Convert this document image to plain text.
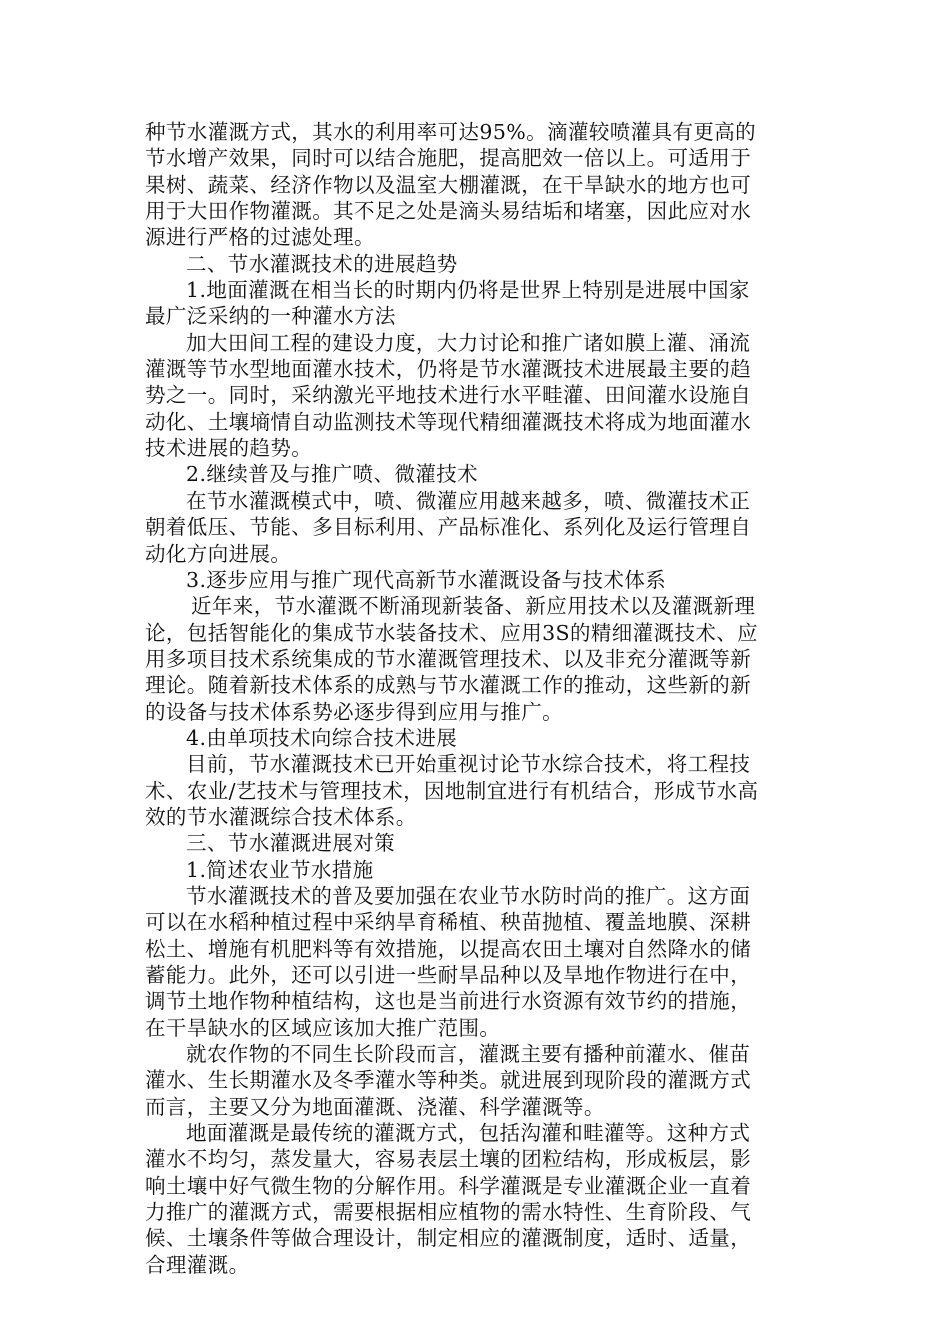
种节水灌溉方式，其水的利用率可达95%。滴灌较喷灌具有更高的
节水增产效果，同时可以结合施肥，提高肥效一倍以上。可适用于
果树、蔬菜、经济作物以及温室大棚灌溉，在干旱缺水的地方也可
用于大田作物灌溉。其不足之处是滴头易结垢和堵塞，因此应对水
源进行严格的过滤处理。
二、节水灌溉技术的进展趋势
1.地面灌溉在相当长的时期内仍将是世界上特别是进展中国家
最广泛采纳的一种灌水方法
加大田间工程的建设力度，大力讨论和推广诸如膜上灌、涌流
灌溉等节水型地面灌水技术，仍将是节水灌溉技术进展最主要的趋
势之一。同时，采纳激光平地技术进行水平畦灌、田间灌水设施自
动化、土壤墒情自动监测技术等现代精细灌溉技术将成为地面灌水
技术进展的趋势。
2.继续普及与推广喷、微灌技术
在节水灌溉模式中，喷、微灌应用越来越多，喷、微灌技术正
朝着低压、节能、多目标利用、产品标准化、系列化及运行管理自
动化方向进展。
3.逐步应用与推广现代高新节水灌溉设备与技术体系
近年来，节水灌溉不断涌现新装备、新应用技术以及灌溉新理
论，包括智能化的集成节水装备技术、应用3S的精细灌溉技术、应
用多项目技术系统集成的节水灌溉管理技术、以及非充分灌溉等新
理论。随着新技术体系的成熟与节水灌溉工作的推动，这些新的新
的设备与技术体系势必逐步得到应用与推广。
4.由单项技术向综合技术进展
目前，节水灌溉技术已开始重视讨论节水综合技术，将工程技
术、农业/艺技术与管理技术，因地制宜进行有机结合，形成节水高
效的节水灌溉综合技术体系。
三、节水灌溉进展对策
1.简述农业节水措施
节水灌溉技术的普及要加强在农业节水防时尚的推广。这方面
可以在水稻种植过程中采纳旱育稀植、秧苗抛植、覆盖地膜、深耕
松土、增施有机肥料等有效措施，以提高农田土壤对自然降水的储
蓄能力。此外，还可以引进一些耐旱品种以及旱地作物进行在中，
调节土地作物种植结构，这也是当前进行水资源有效节约的措施，
在干旱缺水的区域应该加大推广范围。
就农作物的不同生长阶段而言，灌溉主要有播种前灌水、催苗
灌水、生长期灌水及冬季灌水等种类。就进展到现阶段的灌溉方式
而言，主要又分为地面灌溉、浇灌、科学灌溉等。
地面灌溉是最传统的灌溉方式，包括沟灌和畦灌等。这种方式
灌水不均匀，蒸发量大，容易表层土壤的团粒结构，形成板层，影
响土壤中好气微生物的分解作用。科学灌溉是专业灌溉企业一直着
力推广的灌溉方式，需要根据相应植物的需水特性、生育阶段、气
候、土壤条件等做合理设计，制定相应的灌溉制度，适时、适量，
合理灌溉。
